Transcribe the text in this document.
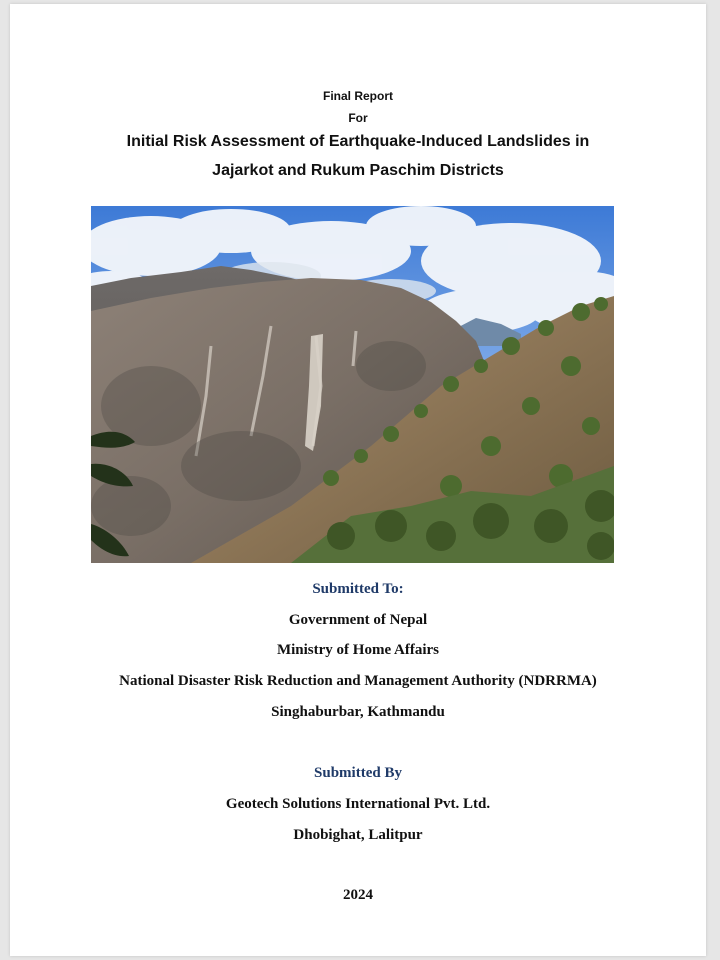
Final Report
For
Initial Risk Assessment of Earthquake-Induced Landslides in
Jajarkot and Rukum Paschim Districts
Submitted To:
Government of Nepal
Ministry of Home Affairs
National Disaster Risk Reduction and Management Authority (NDRRMA)
Singhaburbar, Kathmandu
Submitted By
Geotech Solutions International Pvt. Ltd.
Dhobighat, Lalitpur
2024
